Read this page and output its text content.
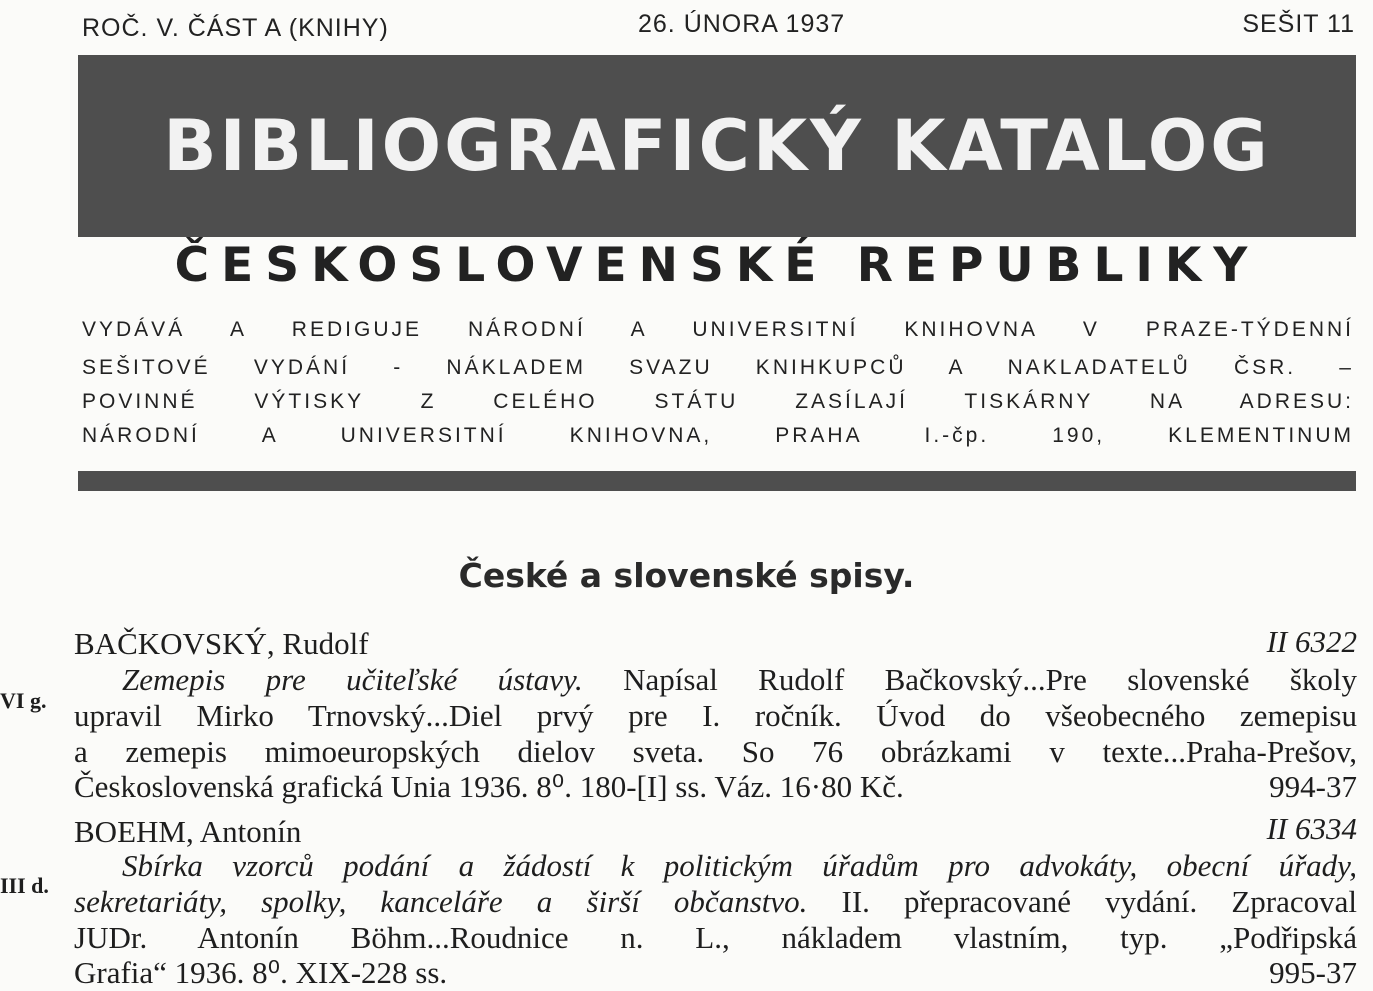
ROČ. V. ČÁST A (KNIHY)	26. ÚNORA 1937	SEŠIT 11
BIBLIOGRAFICKÝ KATALOG
ČESKOSLOVENSKÉ REPUBLIKY
VYDÁVÁ A REDIGUJE NÁRODNÍ A UNIVERSITNÍ KNIHOVNA V PRAZE-TÝDENNÍ
SEŠITOVÉ VYDÁNÍ - NÁKLADEM SVAZU KNIHKUPCŮ A NAKLADATELŮ ČSR. –
POVINNÉ VÝTISKY Z CELÉHO STÁTU ZASÍLAJÍ TISKÁRNY NA ADRESU:
NÁRODNÍ A UNIVERSITNÍ KNIHOVNA, PRAHA I.-čp. 190, KLEMENTINUM
České a slovenské spisy.
BAČKOVSKÝ, Rudolf	II 6322
VI g.
Zemepis pre učiteľské ústavy. Napísal Rudolf Bačkovský...Pre slovenské školy
upravil Mirko Trnovský...Diel prvý pre I. ročník. Úvod do všeobecného zemepisu
a zemepis mimoeuropských dielov sveta. So 76 obrázkami v texte...Praha-Prešov,
Československá grafická Unia 1936. 8⁰. 180-[I] ss. Váz. 16·80 Kč.	994-37
BOEHM, Antonín	II 6334
III d.
Sbírka vzorců podání a žádostí k politickým úřadům pro advokáty, obecní úřady,
sekretariáty, spolky, kanceláře a širší občanstvo. II. přepracované vydání. Zpracoval
JUDr. Antonín Böhm...Roudnice n. L., nákladem vlastním, typ. „Podřipská
Grafia“ 1936. 8⁰. XIX-228 ss.	995-37
